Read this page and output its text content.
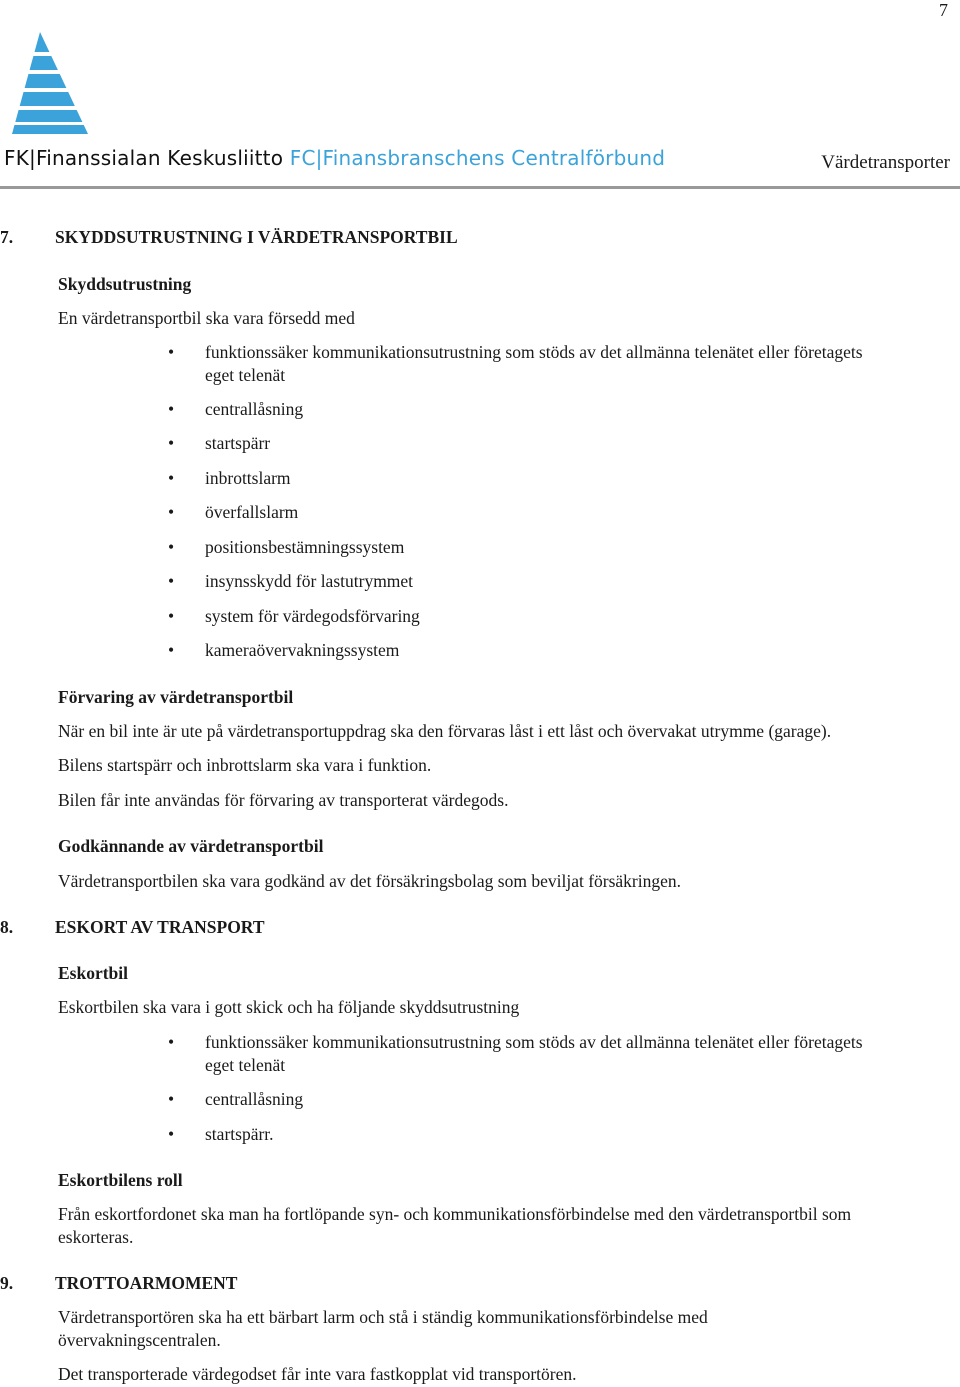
7
FK|Finanssialan Keskusliitto FC|Finansbranschens Centralförbund	Värdetransporter
7. SKYDDSUTRUSTNING I VÄRDETRANSPORTBIL
Skyddsutrustning
En värdetransportbil ska vara försedd med
• funktionssäker kommunikationsutrustning som stöds av det allmänna telenätet eller företagets
eget telenät
• centrallåsning
• startspärr
• inbrottslarm
• överfallslarm
• positionsbestämningssystem
• insynsskydd för lastutrymmet
• system för värdegodsförvaring
• kameraövervakningssystem
Förvaring av värdetransportbil
När en bil inte är ute på värdetransportuppdrag ska den förvaras låst i ett låst och övervakat utrymme (garage).
Bilens startspärr och inbrottslarm ska vara i funktion.
Bilen får inte användas för förvaring av transporterat värdegods.
Godkännande av värdetransportbil
Värdetransportbilen ska vara godkänd av det försäkringsbolag som beviljat försäkringen.
8. ESKORT AV TRANSPORT
Eskortbil
Eskortbilen ska vara i gott skick och ha följande skyddsutrustning
• funktionssäker kommunikationsutrustning som stöds av det allmänna telenätet eller företagets
eget telenät
• centrallåsning
• startspärr.
Eskortbilens roll
Från eskortfordonet ska man ha fortlöpande syn- och kommunikationsförbindelse med den värdetransportbil som
eskorteras.
9. TROTTOARMOMENT
Värdetransportören ska ha ett bärbart larm och stå i ständig kommunikationsförbindelse med
övervakningscentralen.
Det transporterade värdegodset får inte vara fastkopplat vid transportören.
